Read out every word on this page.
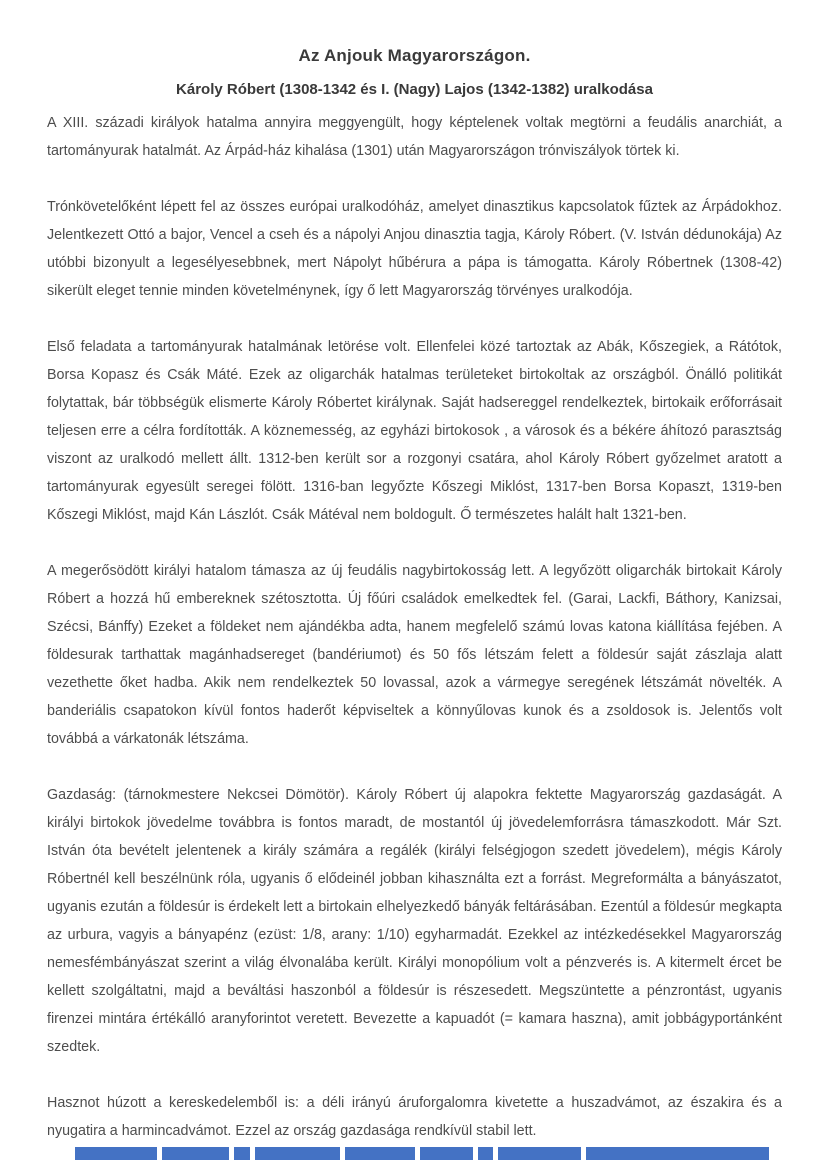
Az Anjouk Magyarországon.
Károly Róbert (1308-1342 és I. (Nagy) Lajos (1342-1382) uralkodása

A XIII. századi királyok hatalma annyira meggyengült, hogy képtelenek voltak megtörni a feudális anarchiát, a tartományurak hatalmát. Az Árpád-ház kihalása (1301) után Magyarországon trónviszályok törtek ki.

Trónkövetelőként lépett fel az összes európai uralkodóház, amelyet dinasztikus kapcsolatok fűztek az Árpádokhoz. Jelentkezett Ottó a bajor, Vencel a cseh és a nápolyi Anjou dinasztia tagja, Károly Róbert. (V. István dédunokája) Az utóbbi bizonyult a legesélyesebbnek, mert Nápolyt hűbérura a pápa is támogatta. Károly Róbertnek (1308-42) sikerült eleget tennie minden követelménynek, így ő lett Magyarország törvényes uralkodója.

Első feladata a tartományurak hatalmának letörése volt. Ellenfelei közé tartoztak az Abák, Kőszegiek, a Rátótok, Borsa Kopasz és Csák Máté. Ezek az oligarchák hatalmas területeket birtokoltak az országból. Önálló politikát folytattak, bár többségük elismerte Károly Róbertet királynak. Saját hadsereggel rendelkeztek, birtokaik erőforrásait teljesen erre a célra fordították. A köznemesség, az egyházi birtokosok , a városok és a békére áhítozó parasztság viszont az uralkodó mellett állt. 1312-ben került sor a rozgonyi csatára, ahol Károly Róbert győzelmet aratott a tartományurak egyesült seregei fölött. 1316-ban legyőzte Kőszegi Miklóst, 1317-ben Borsa Kopaszt, 1319-ben Kőszegi Miklóst, majd Kán Lászlót. Csák Mátéval nem boldogult. Ő természetes halált halt 1321-ben.

A megerősödött királyi hatalom támasza az új feudális nagybirtokosság lett. A legyőzött oligarchák birtokait Károly Róbert a hozzá hű embereknek szétosztotta. Új főúri családok emelkedtek fel. (Garai, Lackfi, Báthory, Kanizsai, Szécsi, Bánffy) Ezeket a földeket nem ajándékba adta, hanem megfelelő számú lovas katona kiállítása fejében. A földesurak tarthattak magánhadsereget (bandériumot) és 50 fős létszám felett a földesúr saját zászlaja alatt vezethette őket hadba. Akik nem rendelkeztek 50 lovassal, azok a vármegye seregének létszámát növelték. A banderiális csapatokon kívül fontos haderőt képviseltek a könnyűlovas kunok és a zsoldosok is. Jelentős volt továbbá a várkatonák létszáma.

Gazdaság: (tárnokmestere Nekcsei Dömötör). Károly Róbert új alapokra fektette Magyarország gazdaságát. A királyi birtokok jövedelme továbbra is fontos maradt, de mostantól új jövedelemforrásra támaszkodott. Már Szt. István óta bevételt jelentenek a király számára a regálék (királyi felségjogon szedett jövedelem), mégis Károly Róbertnél kell beszélnünk róla, ugyanis ő elődeinél jobban kihasználta ezt a forrást. Megreformálta a bányászatot, ugyanis ezután a földesúr is érdekelt lett a birtokain elhelyezkedő bányák feltárásában. Ezentúl a földesúr megkapta az urbura, vagyis a bányapénz (ezüst: 1/8, arany: 1/10) egyharmadát. Ezekkel az intézkedésekkel Magyarország nemesfémbányászat szerint a világ élvonalába került. Királyi monopólium volt a pénzverés is. A kitermelt ércet be kellett szolgáltatni, majd a beváltási haszonból a földesúr is részesedett. Megszüntette a pénzrontást, ugyanis firenzei mintára értékálló aranyforintot veretett. Bevezette a kapuadót (= kamara haszna), amit jobbágyportánként szedtek.

Hasznot húzott a kereskedelemből is: a déli irányú áruforgalomra kivetette a huszadvámot, az északira és a nyugatira a harmincadvámot. Ezzel az ország gazdasága rendkívül stabil lett.
